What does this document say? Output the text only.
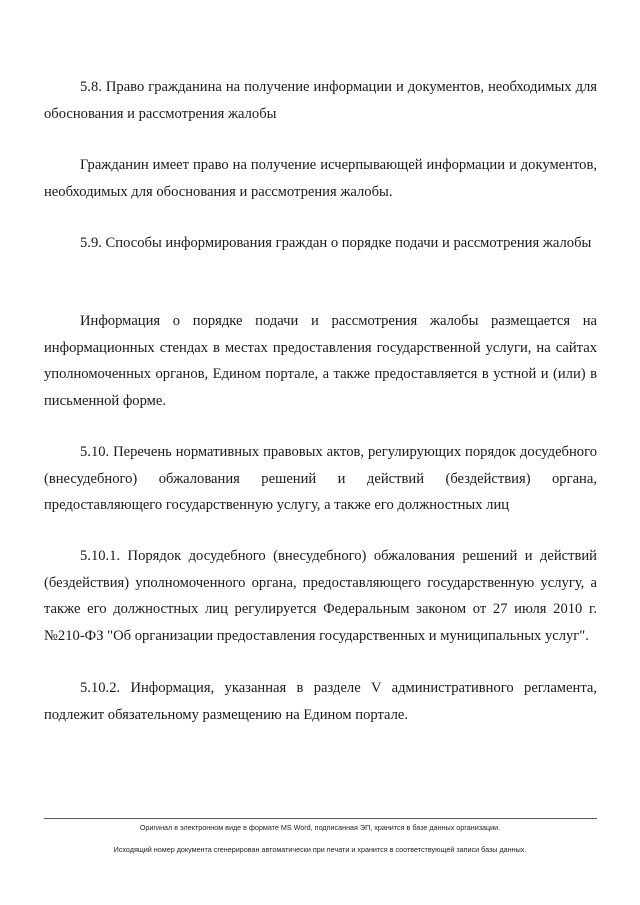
5.8. Право гражданина на получение информации и документов, необходимых для обоснования и рассмотрения жалобы

Гражданин имеет право на получение исчерпывающей информации и документов, необходимых для обоснования и рассмотрения жалобы.

5.9. Способы информирования граждан о порядке подачи и рассмотрения жалобы

Информация о порядке подачи и рассмотрения жалобы размещается на информационных стендах в местах предоставления государственной услуги, на сайтах уполномоченных органов, Едином портале, а также предоставляется в устной и (или) в письменной форме.

5.10. Перечень нормативных правовых актов, регулирующих порядок досудебного (внесудебного) обжалования решений и действий (бездействия) органа, предоставляющего государственную услугу, а также его должностных лиц

5.10.1. Порядок досудебного (внесудебного) обжалования решений и действий (бездействия) уполномоченного органа, предоставляющего государственную услугу, а также его должностных лиц регулируется Федеральным законом от 27 июля 2010 г. №210-ФЗ "Об организации предоставления государственных и муниципальных услуг".

5.10.2. Информация, указанная в разделе V административного регламента, подлежит обязательному размещению на Едином портале.

Оригинал в электронном виде в формате MS Word, подписанная ЭП, хранится в базе данных организации.

Исходящий номер документа сгенерирован автоматически при печати и хранится в соответствующей записи базы данных.
